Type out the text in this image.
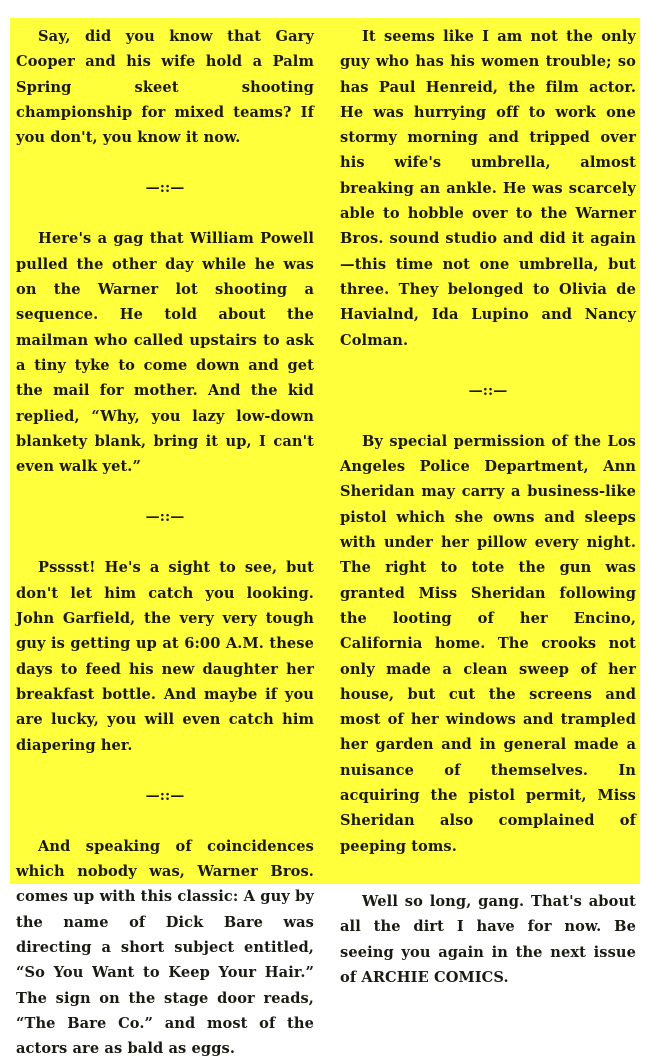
Say, did you know that Gary Cooper and his wife hold a Palm Spring skeet shooting championship for mixed teams? If you don't, you know it now.

—::—

Here's a gag that William Powell pulled the other day while he was on the Warner lot shooting a sequence. He told about the mailman who called upstairs to ask a tiny tyke to come down and get the mail for mother. And the kid replied, “Why, you lazy low-down blankety blank, bring it up, I can't even walk yet.”

—::—

Psssst! He's a sight to see, but don't let him catch you looking. John Garfield, the very very tough guy is getting up at 6:00 A.M. these days to feed his new daughter her breakfast bottle. And maybe if you are lucky, you will even catch him diapering her.

—::—

And speaking of coincidences which nobody was, Warner Bros. comes up with this classic: A guy by the name of Dick Bare was directing a short subject entitled, “So You Want to Keep Your Hair.” The sign on the stage door reads, “The Bare Co.” and most of the actors are as bald as eggs.

It seems like I am not the only guy who has his women trouble; so has Paul Henreid, the film actor. He was hurrying off to work one stormy morning and tripped over his wife's umbrella, almost breaking an ankle. He was scarcely able to hobble over to the Warner Bros. sound studio and did it again—this time not one umbrella, but three. They belonged to Olivia de Havialnd, Ida Lupino and Nancy Colman.

—::—

By special permission of the Los Angeles Police Department, Ann Sheridan may carry a business-like pistol which she owns and sleeps with under her pillow every night. The right to tote the gun was granted Miss Sheridan following the looting of her Encino, California home. The crooks not only made a clean sweep of her house, but cut the screens and most of her windows and trampled her garden and in general made a nuisance of themselves. In acquiring the pistol permit, Miss Sheridan also complained of peeping toms.

Well so long, gang. That's about all the dirt I have for now. Be seeing you again in the next issue of ARCHIE COMICS.
